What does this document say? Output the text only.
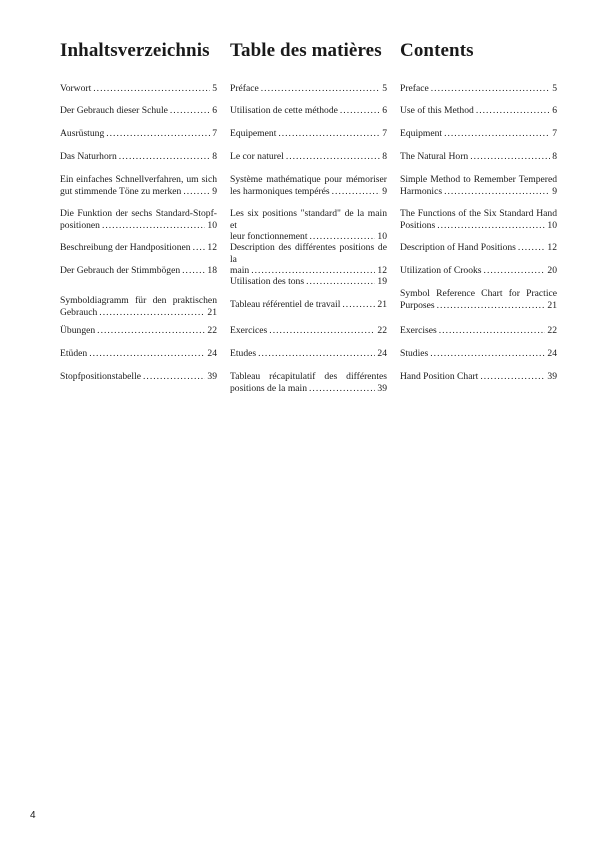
Inhaltsverzeichnis
Vorwort .....	5
Der Gebrauch dieser Schule .....	6
Ausrüstung .....	7
Das Naturhorn .....	8
Ein einfaches Schnellverfahren, um sich
gut stimmende Töne zu merken .....	9
Die Funktion der sechs Standard-Stopf-
positionen .....	10
Beschreibung der Handpositionen ..... 12
Der Gebrauch der Stimmbögen .....	18
Symboldiagramm für den praktischen
Gebrauch .....	21
Übungen .....	22
Etüden .....	24
Stopfpositionstabelle .....	39
Table des matières
Préface .....	5
Utilisation de cette méthode .....	6
Equipement .....	7
Le cor naturel .....	8
Système mathématique pour mémoriser
les harmoniques tempérés .....	9
Les six positions "standard" de la main et
leur fonctionnement .....	10
Description des différentes positions de la
main .....	12
Utilisation des tons .....	19
Tableau référentiel de travail .....	21
Exercices .....	22
Etudes .....	24
Tableau récapitulatif des différentes
positions de la main .....	39
Contents
Preface .....	5
Use of this Method .....	6
Equipment .....	7
The Natural Horn .....	8
Simple Method to Remember Tempered
Harmonics .....	9
The Functions of the Six Standard Hand
Positions .....	10
Description of Hand Positions .....	12
Utilization of Crooks .....	20
Symbol Reference Chart for Practice
Purposes .....	21
Exercises .....	22
Studies .....	24
Hand Position Chart .....	39
4
